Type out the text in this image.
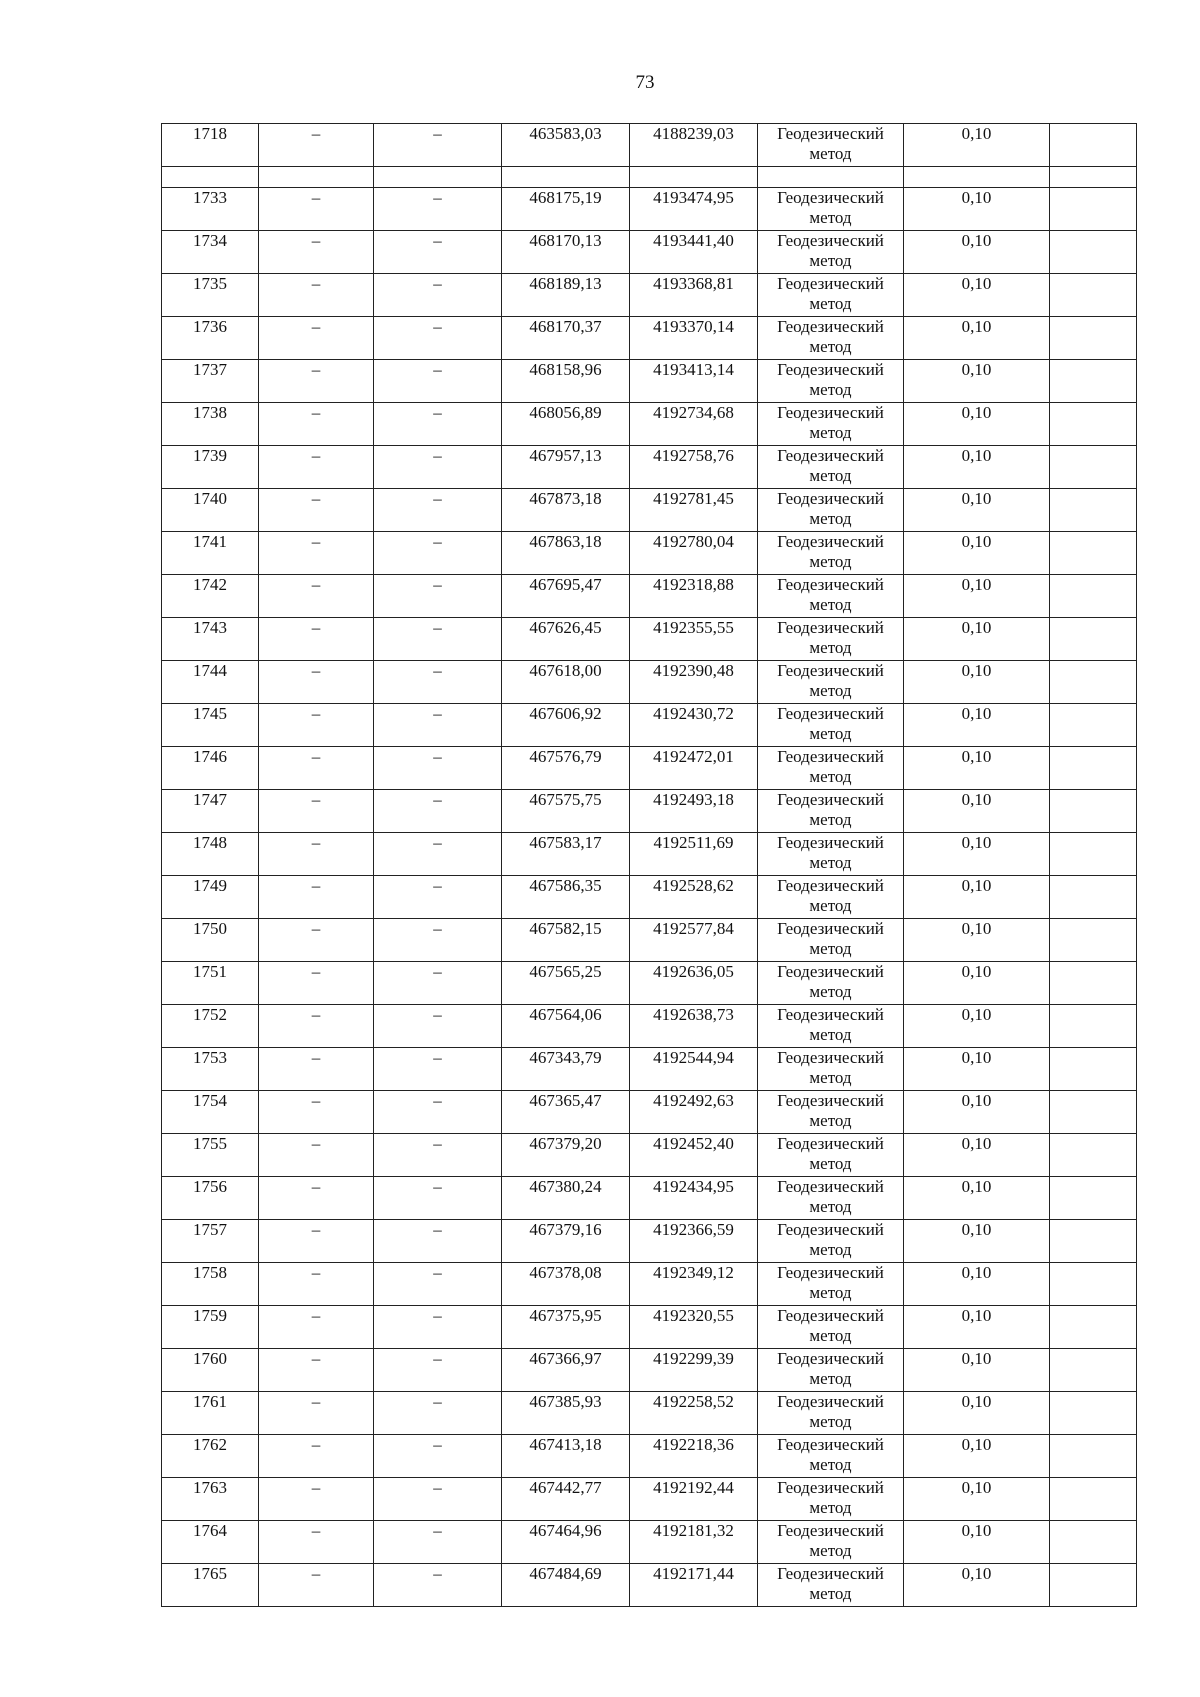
73
1718	–	–	463583,03	4188239,03	Геодезический
метод	0,10	

1733	–	–	468175,19	4193474,95	Геодезический
метод	0,10	
1734	–	–	468170,13	4193441,40	Геодезический
метод	0,10	
1735	–	–	468189,13	4193368,81	Геодезический
метод	0,10	
1736	–	–	468170,37	4193370,14	Геодезический
метод	0,10	
1737	–	–	468158,96	4193413,14	Геодезический
метод	0,10	
1738	–	–	468056,89	4192734,68	Геодезический
метод	0,10	
1739	–	–	467957,13	4192758,76	Геодезический
метод	0,10	
1740	–	–	467873,18	4192781,45	Геодезический
метод	0,10	
1741	–	–	467863,18	4192780,04	Геодезический
метод	0,10	
1742	–	–	467695,47	4192318,88	Геодезический
метод	0,10	
1743	–	–	467626,45	4192355,55	Геодезический
метод	0,10	
1744	–	–	467618,00	4192390,48	Геодезический
метод	0,10	
1745	–	–	467606,92	4192430,72	Геодезический
метод	0,10	
1746	–	–	467576,79	4192472,01	Геодезический
метод	0,10	
1747	–	–	467575,75	4192493,18	Геодезический
метод	0,10	
1748	–	–	467583,17	4192511,69	Геодезический
метод	0,10	
1749	–	–	467586,35	4192528,62	Геодезический
метод	0,10	
1750	–	–	467582,15	4192577,84	Геодезический
метод	0,10	
1751	–	–	467565,25	4192636,05	Геодезический
метод	0,10	
1752	–	–	467564,06	4192638,73	Геодезический
метод	0,10	
1753	–	–	467343,79	4192544,94	Геодезический
метод	0,10	
1754	–	–	467365,47	4192492,63	Геодезический
метод	0,10	
1755	–	–	467379,20	4192452,40	Геодезический
метод	0,10	
1756	–	–	467380,24	4192434,95	Геодезический
метод	0,10	
1757	–	–	467379,16	4192366,59	Геодезический
метод	0,10	
1758	–	–	467378,08	4192349,12	Геодезический
метод	0,10	
1759	–	–	467375,95	4192320,55	Геодезический
метод	0,10	
1760	–	–	467366,97	4192299,39	Геодезический
метод	0,10	
1761	–	–	467385,93	4192258,52	Геодезический
метод	0,10	
1762	–	–	467413,18	4192218,36	Геодезический
метод	0,10	
1763	–	–	467442,77	4192192,44	Геодезический
метод	0,10	
1764	–	–	467464,96	4192181,32	Геодезический
метод	0,10	
1765	–	–	467484,69	4192171,44	Геодезический
метод	0,10	
